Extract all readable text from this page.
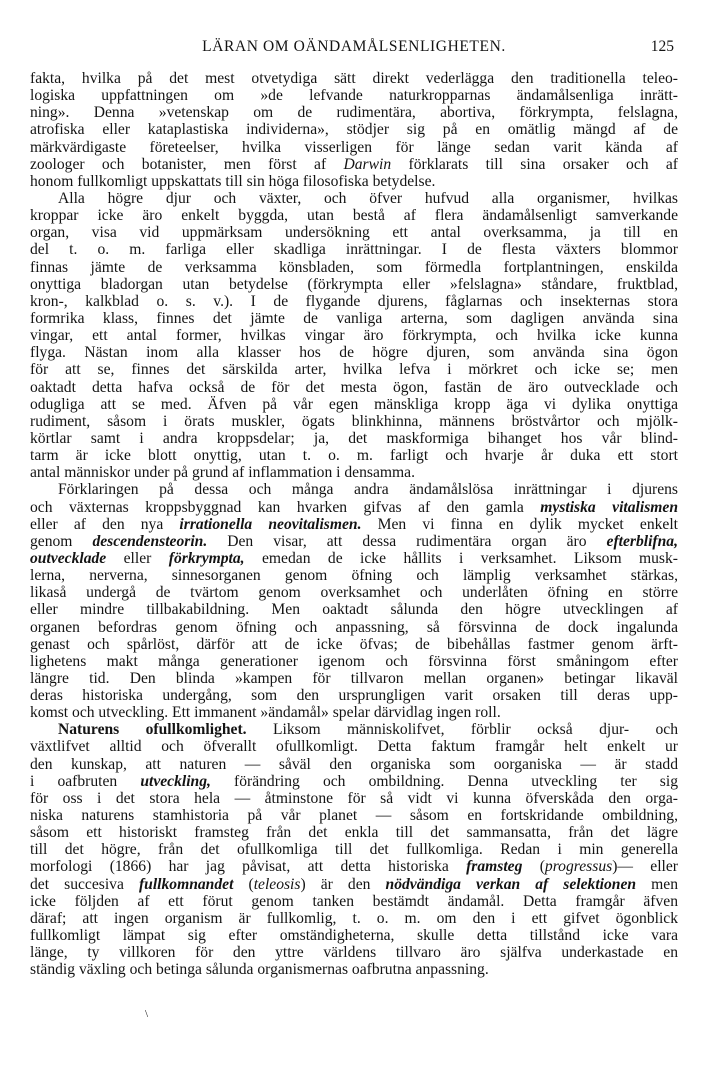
LÄRAN OM OÄNDAMÅLSENLIGHETEN.	125
fakta, hvilka på det mest otvetydiga sätt direkt vederlägga den traditionella teleo-
logiska uppfattningen om »de lefvande naturkropparnas ändamålsenliga inrätt-
ning». Denna »vetenskap om de rudimentära, abortiva, förkrympta, felslagna,
atrofiska eller kataplastiska individerna», stödjer sig på en omätlig mängd af de
märkvärdigaste företeelser, hvilka visserligen för länge sedan varit kända af
zoologer och botanister, men först af Darwin förklarats till sina orsaker och af
honom fullkomligt uppskattats till sin höga filosofiska betydelse.
Alla högre djur och växter, och öfver hufvud alla organismer, hvilkas
kroppar icke äro enkelt byggda, utan bestå af flera ändamålsenligt samverkande
organ, visa vid uppmärksam undersökning ett antal overksamma, ja till en
del t. o. m. farliga eller skadliga inrättningar. I de flesta växters blommor
finnas jämte de verksamma könsbladen, som förmedla fortplantningen, enskilda
onyttiga bladorgan utan betydelse (förkrympta eller »felslagna» ståndare, fruktblad,
kron-, kalkblad o. s. v.). I de flygande djurens, fåglarnas och insekternas stora
formrika klass, finnes det jämte de vanliga arterna, som dagligen använda sina
vingar, ett antal former, hvilkas vingar äro förkrympta, och hvilka icke kunna
flyga. Nästan inom alla klasser hos de högre djuren, som använda sina ögon
för att se, finnes det särskilda arter, hvilka lefva i mörkret och icke se; men
oaktadt detta hafva också de för det mesta ögon, fastän de äro outvecklade och
odugliga att se med. Äfven på vår egen mänskliga kropp äga vi dylika onyttiga
rudiment, såsom i örats muskler, ögats blinkhinna, männens bröstvårtor och mjölk-
körtlar samt i andra kroppsdelar; ja, det maskformiga bihanget hos vår blind-
tarm är icke blott onyttig, utan t. o. m. farligt och hvarje år duka ett stort
antal människor under på grund af inflammation i densamma.
Förklaringen på dessa och många andra ändamålslösa inrättningar i djurens
och växternas kroppsbyggnad kan hvarken gifvas af den gamla mystiska vitalismen
eller af den nya irrationella neovitalismen. Men vi finna en dylik mycket enkelt
genom descendensteorin. Den visar, att dessa rudimentära organ äro efterblifna,
outvecklade eller förkrympta, emedan de icke hållits i verksamhet. Liksom musk-
lerna, nerverna, sinnesorganen genom öfning och lämplig verksamhet stärkas,
likaså undergå de tvärtom genom overksamhet och underlåten öfning en större
eller mindre tillbakabildning. Men oaktadt sålunda den högre utvecklingen af
organen befordras genom öfning och anpassning, så försvinna de dock ingalunda
genast och spårlöst, därför att de icke öfvas; de bibehållas fastmer genom ärft-
lighetens makt många generationer igenom och försvinna först småningom efter
längre tid. Den blinda »kampen för tillvaron mellan organen» betingar likaväl
deras historiska undergång, som den ursprungligen varit orsaken till deras upp-
komst och utveckling. Ett immanent »ändamål» spelar därvidlag ingen roll.
Naturens ofullkomlighet. Liksom människolifvet, förblir också djur- och
växtlifvet alltid och öfverallt ofullkomligt. Detta faktum framgår helt enkelt ur
den kunskap, att naturen — såväl den organiska som oorganiska — är stadd
i oafbruten utveckling, förändring och ombildning. Denna utveckling ter sig
för oss i det stora hela — åtminstone för så vidt vi kunna öfverskåda den orga-
niska naturens stamhistoria på vår planet — såsom en fortskridande ombildning,
såsom ett historiskt framsteg från det enkla till det sammansatta, från det lägre
till det högre, från det ofullkomliga till det fullkomliga. Redan i min generella
morfologi (1866) har jag påvisat, att detta historiska framsteg (progressus)— eller
det succesiva fullkomnandet (teleosis) är den nödvändiga verkan af selektionen men
icke följden af ett förut genom tanken bestämdt ändamål. Detta framgår äfven
däraf; att ingen organism är fullkomlig, t. o. m. om den i ett gifvet ögonblick
fullkomligt lämpat sig efter omständigheterna, skulle detta tillstånd icke vara
länge, ty villkoren för den yttre världens tillvaro äro själfva underkastade en
ständig växling och betinga sålunda organismernas oafbrutna anpassning.
\
